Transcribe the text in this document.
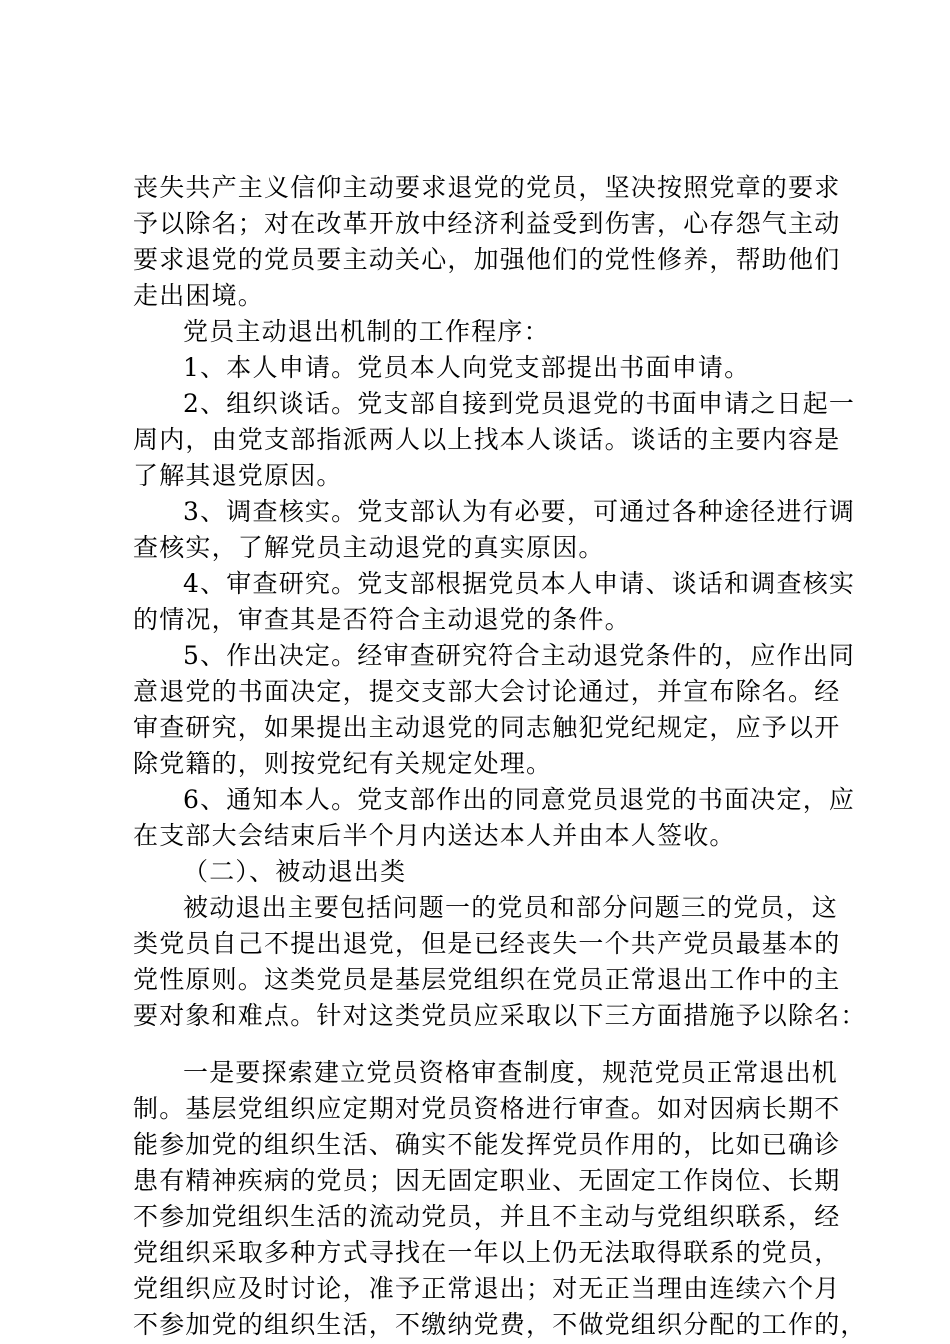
丧失共产主义信仰主动要求退党的党员，坚决按照党章的要求
予以除名；对在改革开放中经济利益受到伤害，心存怨气主动
要求退党的党员要主动关心，加强他们的党性修养，帮助他们
走出困境。
党员主动退出机制的工作程序：
1、本人申请。党员本人向党支部提出书面申请。
2、组织谈话。党支部自接到党员退党的书面申请之日起一
周内，由党支部指派两人以上找本人谈话。谈话的主要内容是
了解其退党原因。
3、调查核实。党支部认为有必要，可通过各种途径进行调
查核实，了解党员主动退党的真实原因。
4、审查研究。党支部根据党员本人申请、谈话和调查核实
的情况，审查其是否符合主动退党的条件。
5、作出决定。经审查研究符合主动退党条件的，应作出同
意退党的书面决定，提交支部大会讨论通过，并宣布除名。经
审查研究，如果提出主动退党的同志触犯党纪规定，应予以开
除党籍的，则按党纪有关规定处理。
6、通知本人。党支部作出的同意党员退党的书面决定，应
在支部大会结束后半个月内送达本人并由本人签收。
（二）、被动退出类
被动退出主要包括问题一的党员和部分问题三的党员，这
类党员自己不提出退党，但是已经丧失一个共产党员最基本的
党性原则。这类党员是基层党组织在党员正常退出工作中的主
要对象和难点。针对这类党员应采取以下三方面措施予以除名：
一是要探索建立党员资格审查制度，规范党员正常退出机
制。基层党组织应定期对党员资格进行审查。如对因病长期不
能参加党的组织生活、确实不能发挥党员作用的，比如已确诊
患有精神疾病的党员；因无固定职业、无固定工作岗位、长期
不参加党组织生活的流动党员，并且不主动与党组织联系，经
党组织采取多种方式寻找在一年以上仍无法取得联系的党员，
党组织应及时讨论，准予正常退出；对无正当理由连续六个月
不参加党的组织生活，不缴纳党费，不做党组织分配的工作的，
